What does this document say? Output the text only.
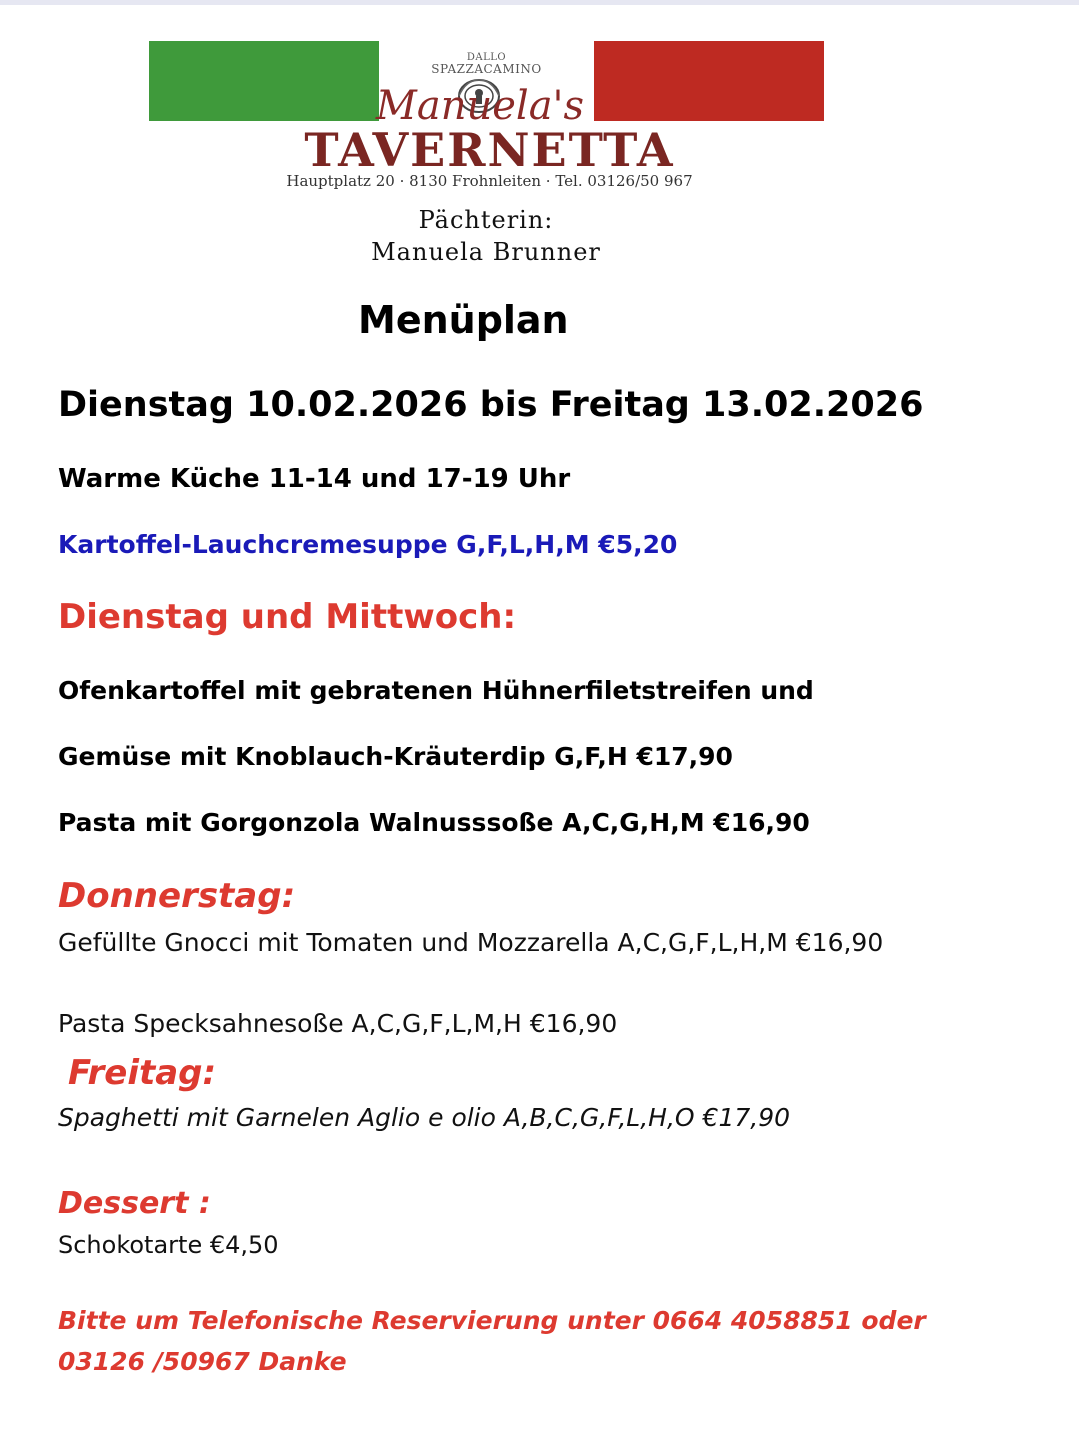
DALLO
SPAZZACAMINO
Manuela's
TAVERNETTA
Hauptplatz 20 · 8130 Frohnleiten · Tel. 03126/50 967
Pächterin:
Manuela Brunner
Menüplan
Dienstag 10.02.2026 bis Freitag 13.02.2026
Warme Küche 11-14 und 17-19 Uhr
Kartoffel-Lauchcremesuppe G,F,L,H,M €5,20
Dienstag und Mittwoch:
Ofenkartoffel mit gebratenen Hühnerfiletstreifen und
Gemüse mit Knoblauch-Kräuterdip G,F,H €17,90
Pasta mit Gorgonzola Walnusssoße A,C,G,H,M €16,90
Donnerstag:
Gefüllte Gnocci mit Tomaten und Mozzarella A,C,G,F,L,H,M €16,90
Pasta Specksahnesoße A,C,G,F,L,M,H €16,90
Freitag:
Spaghetti mit Garnelen Aglio e olio A,B,C,G,F,L,H,O €17,90
Dessert :
Schokotarte €4,50
Bitte um Telefonische Reservierung unter 0664 4058851 oder
03126 /50967 Danke
